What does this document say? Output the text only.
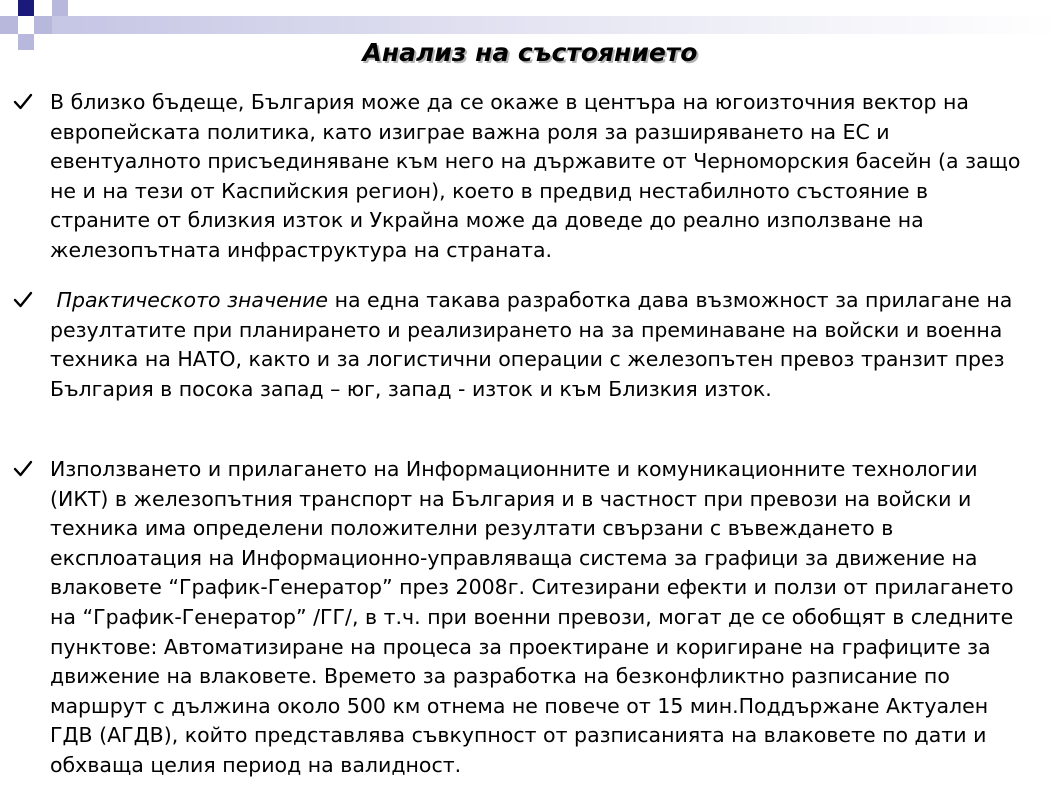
Анализ на състоянието

В близко бъдеще, България може да се окаже в центъра на югоизточния вектор на европейската политика, като изиграе важна роля за разширяването на ЕС и евентуалното присъединяване към него на държавите от Черноморския басейн (а защо не и на тези от Каспийския регион), което в предвид нестабилното състояние в страните от близкия изток и Украйна може да доведе до реално използване на железопътната инфраструктура на страната.

Практическото значение на една такава разработка дава възможност за прилагане на резултатите при планирането и реализирането на за преминаване на войски и военна техника на НАТО, както и за логистични операции с железопътен превоз транзит през България в посока запад – юг, запад - изток и към Близкия изток.

Използването и прилагането на Информационните и комуникационните технологии (ИКТ) в железопътния транспорт на България и в частност при превози на войски и техника има определени положителни резултати свързани с въвеждането в експлоатация на Информационно-управляваща система за графици за движение на влаковете “График-Генератор” през 2008г. Ситезирани ефекти и ползи от прилагането на “График-Генератор” /ГГ/, в т.ч. при военни превози, могат де се обобщят в следните пунктове: Автоматизиране на процеса за проектиране и коригиране на графиците за движение на влаковете. Времето за разработка на безконфликтно разписание по маршрут с дължина около 500 км отнема не повече от 15 мин.Поддържане Актуален ГДВ (АГДВ), който представлява съвкупност от разписанията на влаковете по дати и обхваща целия период на валидност.
